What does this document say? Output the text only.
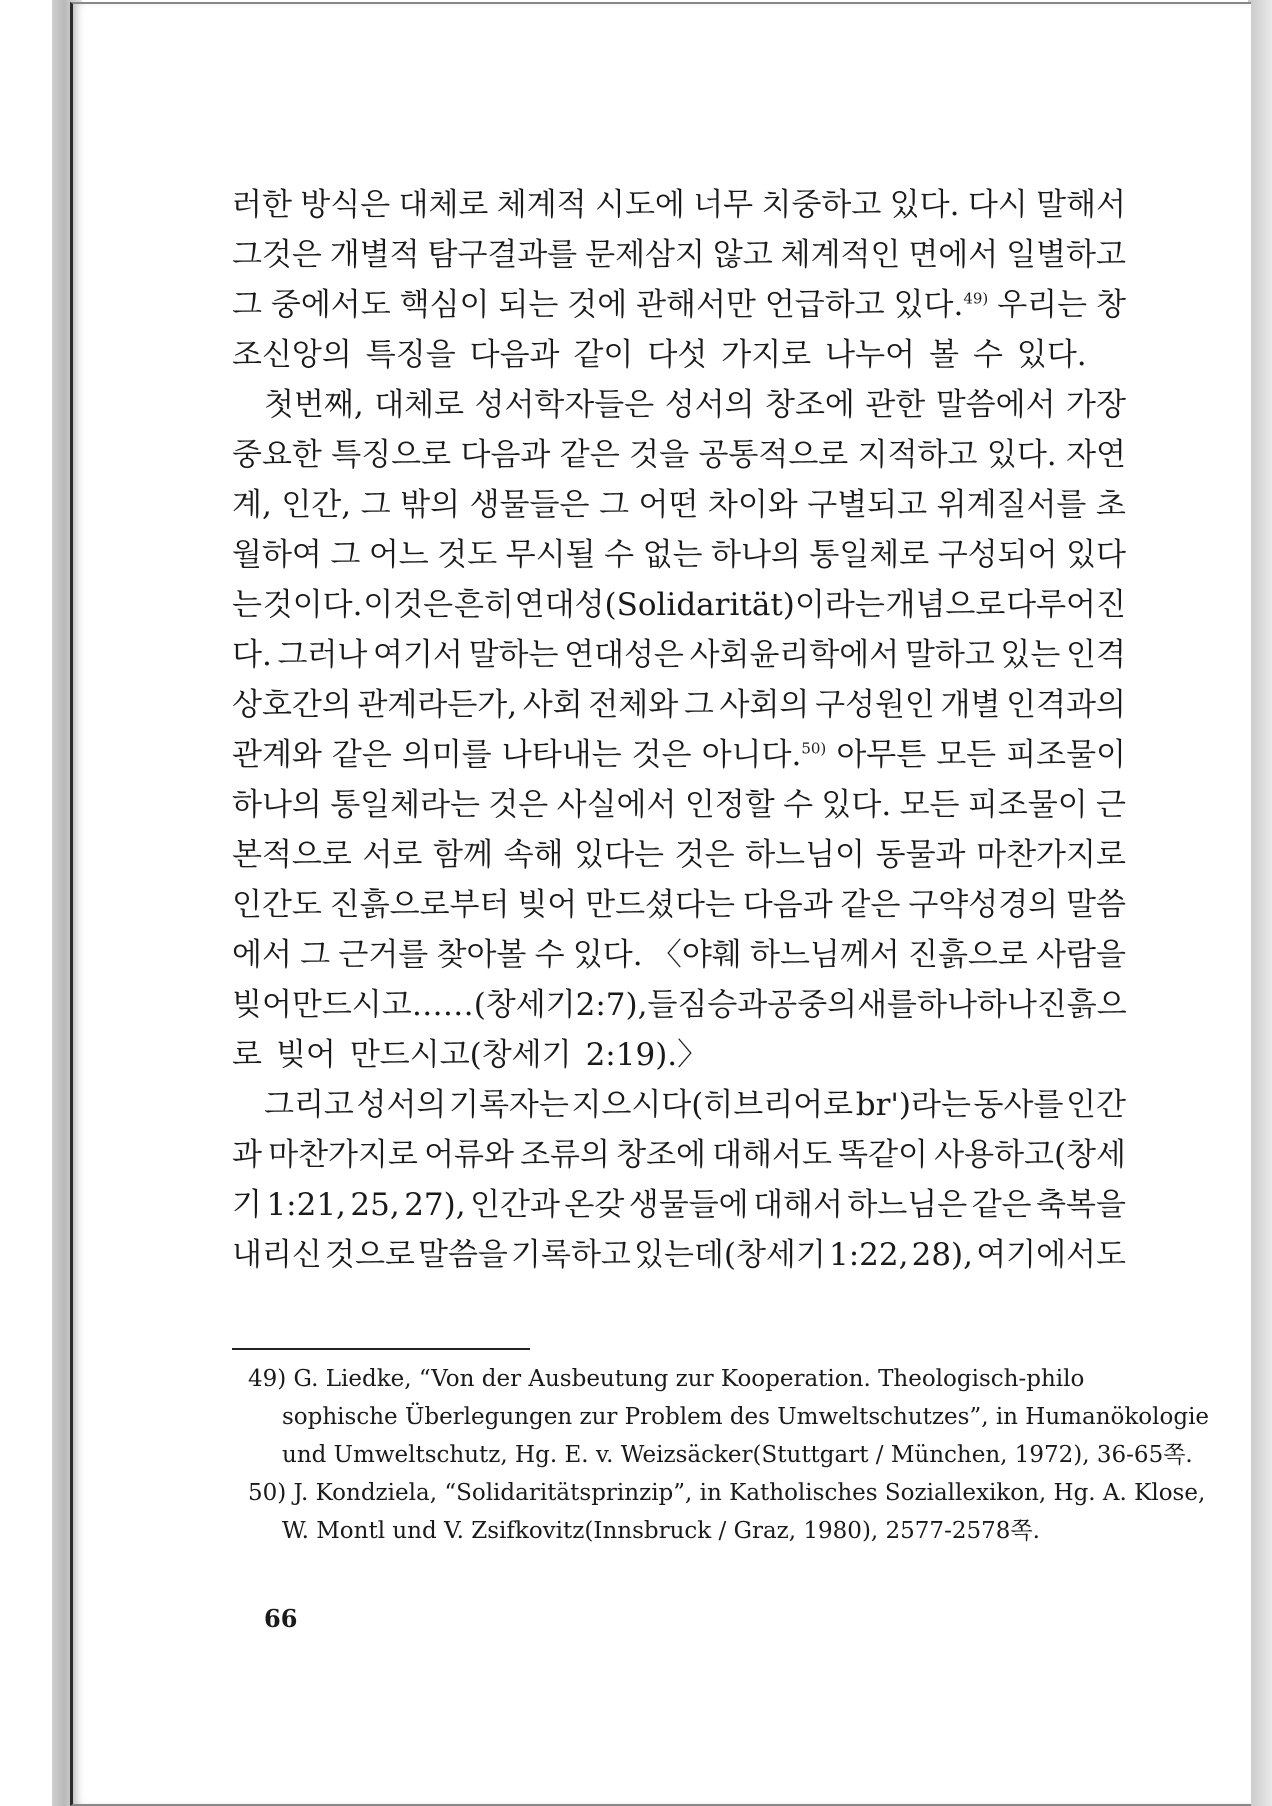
러한 방식은 대체로 체계적 시도에 너무 치중하고 있다. 다시 말해서
그것은 개별적 탐구결과를 문제삼지 않고 체계적인 면에서 일별하고
그 중에서도 핵심이 되는 것에 관해서만 언급하고 있다.$^{49)}$ 우리는 창
조신앙의 특징을 다음과 같이 다섯 가지로 나누어 볼 수 있다.
첫번째, 대체로 성서학자들은 성서의 창조에 관한 말씀에서 가장
중요한 특징으로 다음과 같은 것을 공통적으로 지적하고 있다. 자연
계, 인간, 그 밖의 생물들은 그 어떤 차이와 구별되고 위계질서를 초
월하여 그 어느 것도 무시될 수 없는 하나의 통일체로 구성되어 있다
는 것이다. 이것은 흔히 연대성(Solidarität)이라는 개념으로 다루어진
다. 그러나 여기서 말하는 연대성은 사회윤리학에서 말하고 있는 인격
상호간의 관계라든가, 사회 전체와 그 사회의 구성원인 개별 인격과의
관계와 같은 의미를 나타내는 것은 아니다.$^{50)}$ 아무튼 모든 피조물이
하나의 통일체라는 것은 사실에서 인정할 수 있다. 모든 피조물이 근
본적으로 서로 함께 속해 있다는 것은 하느님이 동물과 마찬가지로
인간도 진흙으로부터 빚어 만드셨다는 다음과 같은 구약성경의 말씀
에서 그 근거를 찾아볼 수 있다. 〈야훼 하느님께서 진흙으로 사람을
빚어 만드시고……(창세기 2:7), 들짐승과 공중의 새를 하나하나 진흙으
로 빚어 만드시고(창세기 2:19).〉
그리고 성서의 기록자는 지으시다(히브리어로 br')라는 동사를 인간
과 마찬가지로 어류와 조류의 창조에 대해서도 똑같이 사용하고(창세
기 1:21, 25, 27), 인간과 온갖 생물들에 대해서 하느님은 같은 축복을
내리신 것으로 말씀을 기록하고 있는데(창세기 1:22, 28), 여기에서도
49) G. Liedke, “Von der Ausbeutung zur Kooperation. Theologisch-philo
sophische Überlegungen zur Problem des Umweltschutzes”, in Humanökologie
und Umweltschutz, Hg. E. v. Weizsäcker(Stuttgart / München, 1972), 36-65쪽.
50) J. Kondziela, “Solidaritätsprinzip”, in Katholisches Soziallexikon, Hg. A. Klose,
W. Montl und V. Zsifkovitz(Innsbruck / Graz, 1980), 2577-2578쪽.
66
